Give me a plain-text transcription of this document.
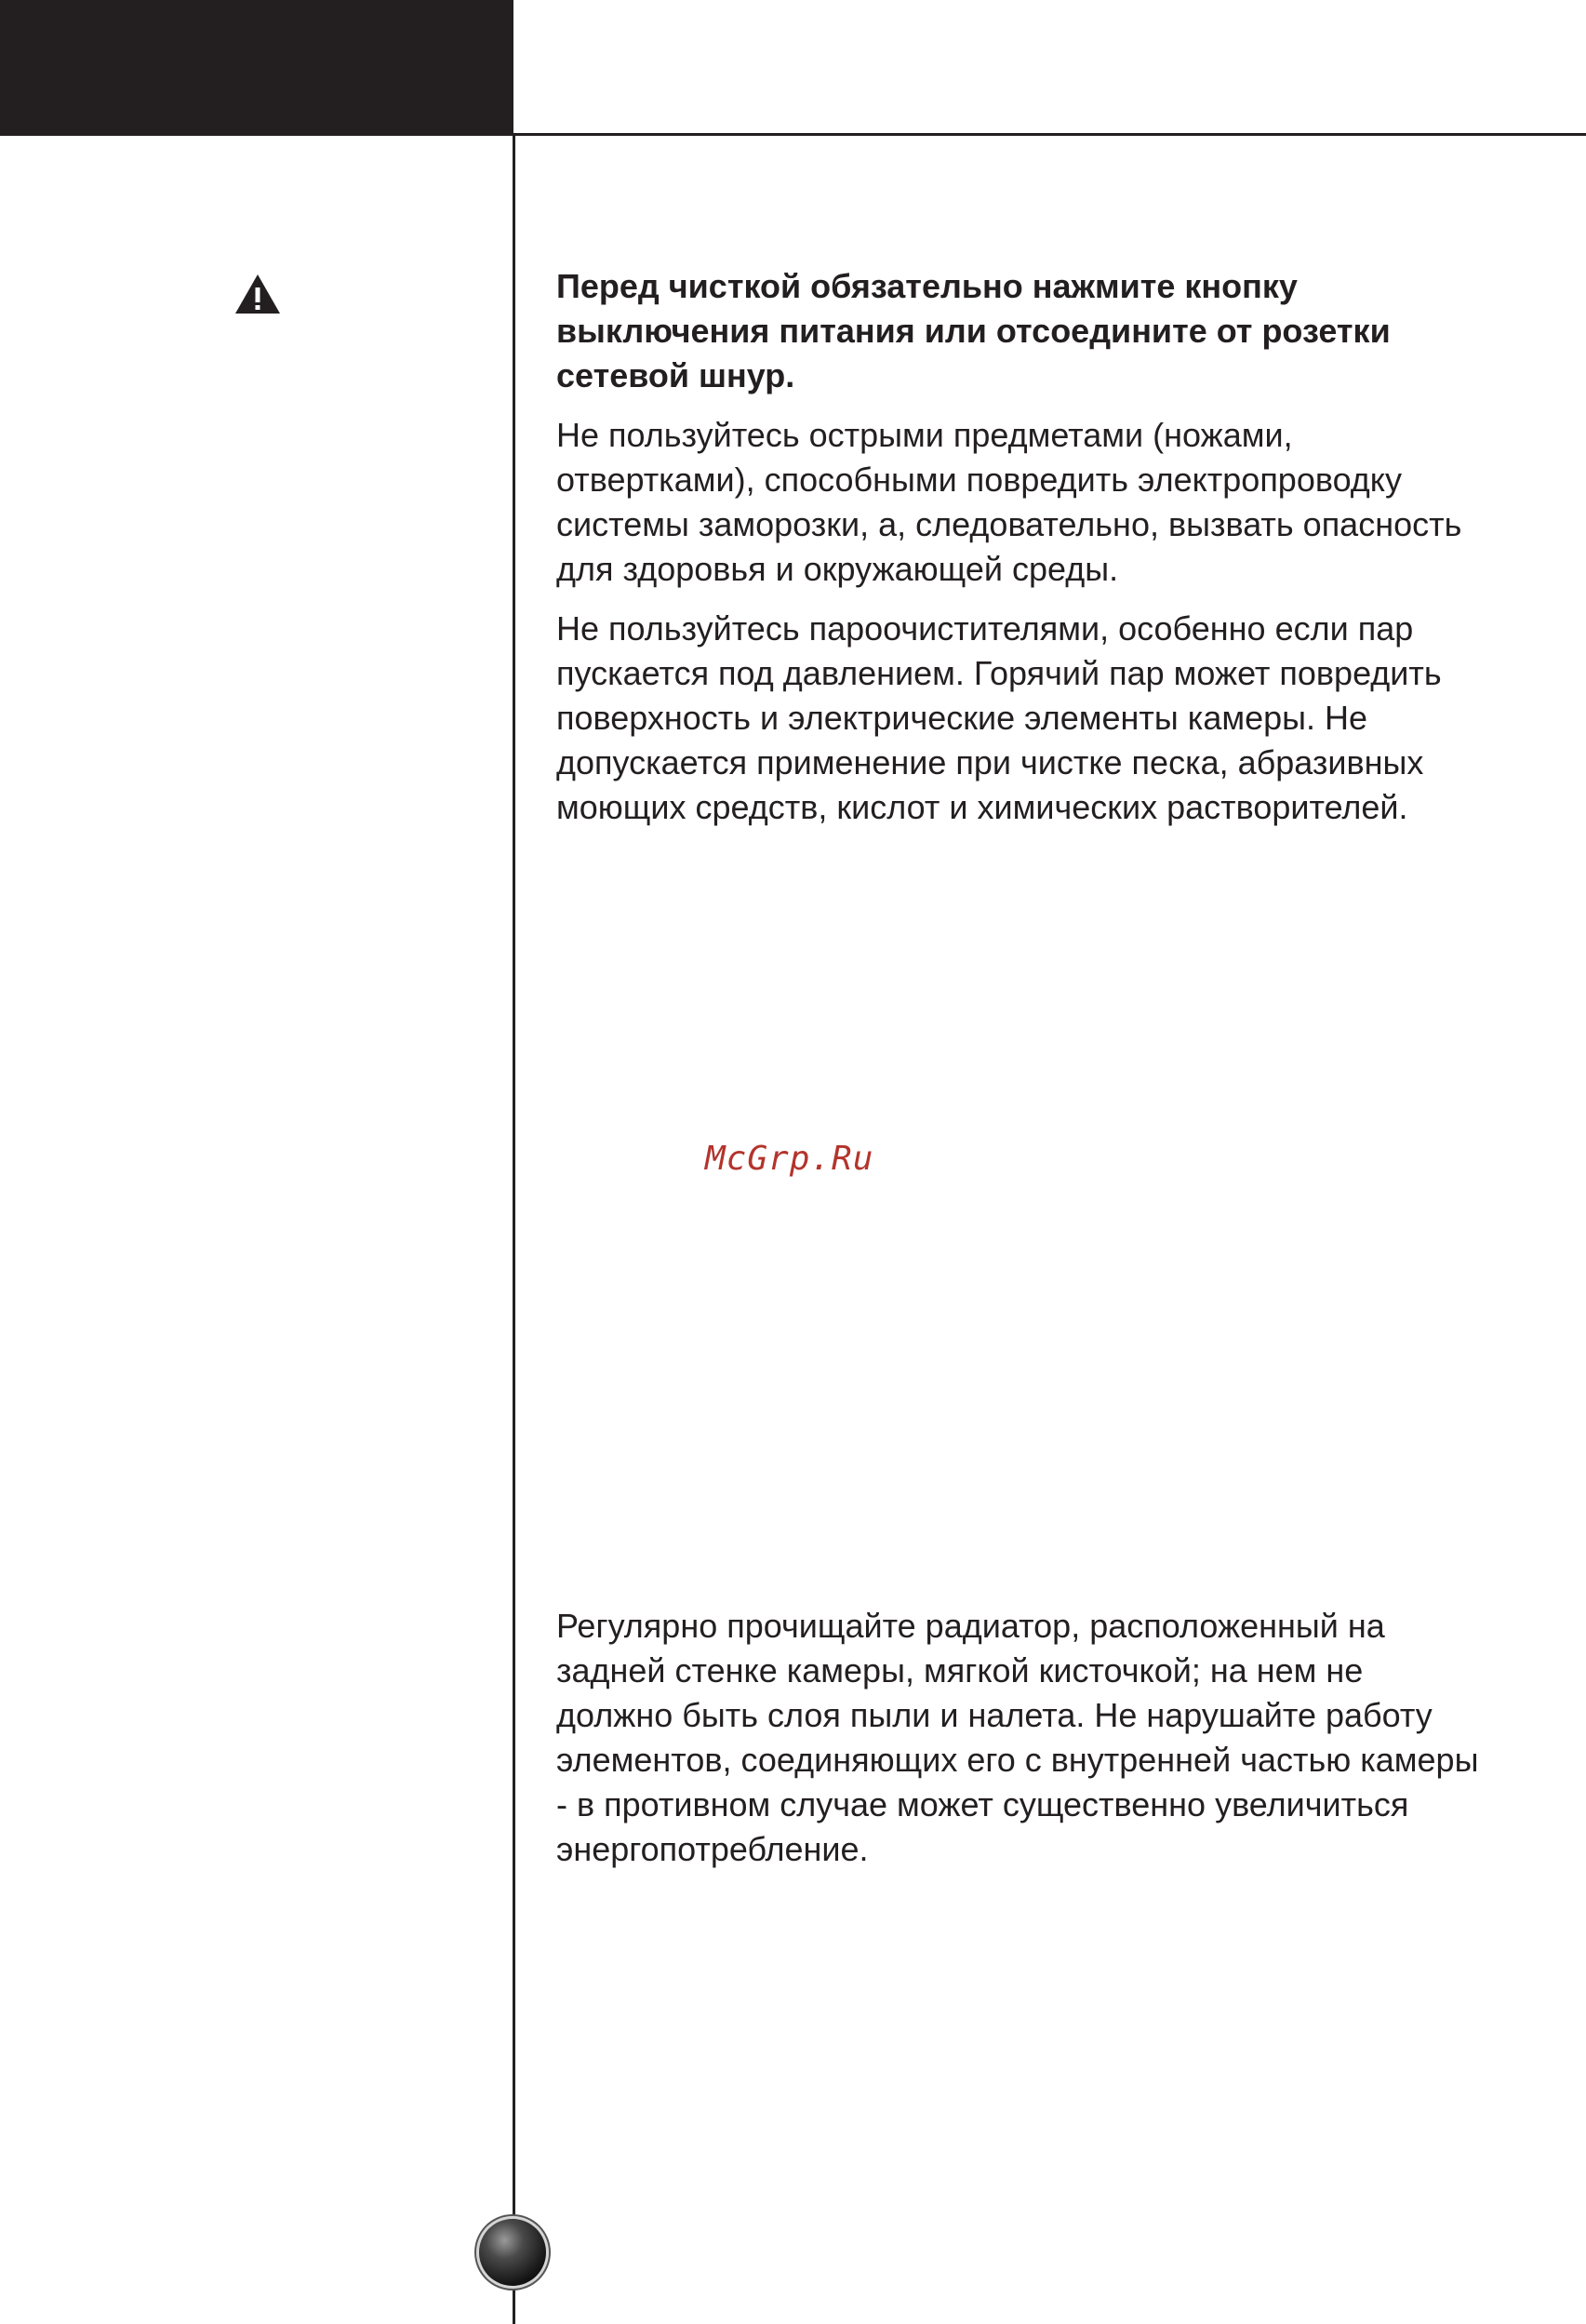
Перед чисткой обязательно нажмите кнопку выключения питания или отсоедините от розетки сетевой шнур.

Не пользуйтесь острыми предметами (ножами, отвертками), способными повредить электропроводку системы заморозки, а, следовательно, вызвать опасность для здоровья и окружающей среды.

Не пользуйтесь пароочистителями, особенно если пар пускается под давлением. Горячий пар может повредить поверхность и электрические элементы камеры. Не допускается применение при чистке песка, абразивных моющих средств, кислот и химических растворителей.

McGrp.Ru

Регулярно прочищайте радиатор, расположенный на задней стенке камеры, мягкой кисточкой; на нем не должно быть слоя пыли и налета. Не нарушайте работу элементов, соединяющих его с внутренней частью камеры - в противном случае может существенно увеличиться энергопотребление.
